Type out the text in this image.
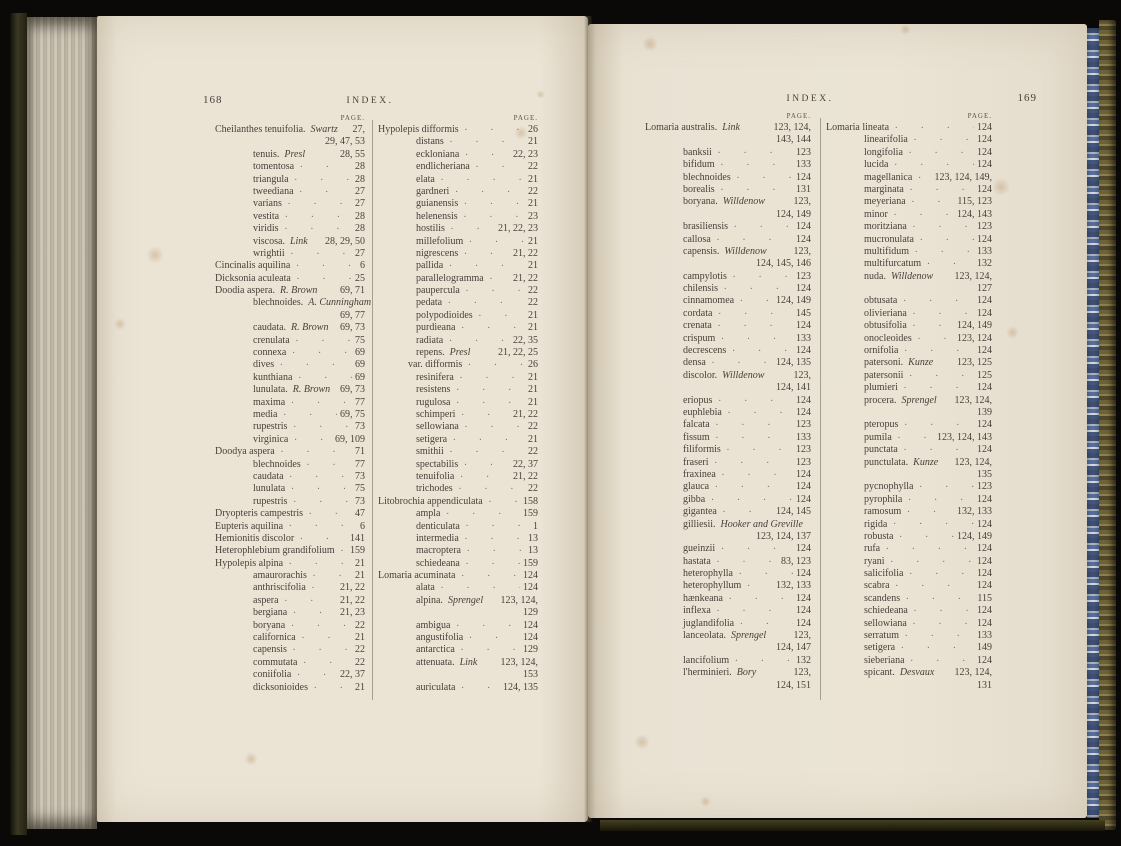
168	INDEX.
PAGE.
Cheilanthes tenuifolia. Swartz 27,
29, 47, 53
tenuis. Presl	28, 55
tomentosa .   .	28
triangula .   .	28
tweediana .   .	27
varians .   .	27
vestita .   .	28
viridis .   .	28
viscosa. Link 28, 29, 50
wrightii .   .	27
Cincinalis aquilina .   .	6
Dicksonia aculeata .   .	25
Doodia aspera. R. Brown 69, 71
blechnoides. A. Cunningham
69, 77
caudata. R. Brown 69, 73
crenulata .   .	75
connexa .   .	69
dives .   .	69
kunthiana .   .	69
lunulata. R. Brown 69, 73
maxima .   .	77
media .   .	69, 75
rupestris .   .	73
virginica .   .	69, 109
Doodya aspera .   .	71
blechnoides .   .	77
caudata .   .	73
lunulata .   .	75
rupestris .   .	73
Dryopteris campestris .   .	47
Eupteris aquilina .   .	6
Hemionitis discolor .   .	141
Heterophlebium grandifolium .   . 159
Hypolepis alpina .   .	21
amaurorachis .   .	21
anthriscifolia .   .	21, 22
aspera .   .	21, 22
bergiana .   .	21, 23
boryana .   .	22
californica .   .	21
capensis .   .	22
commutata .   .	22
coniifolia .   .	22, 37
dicksonioides .   .	21
PAGE.
Hypolepis difformis .   .	26
distans .   .	21
eckloniana .   .	22, 23
endlicheriana .   .	22
elata .   .	21
gardneri .   .	22
guianensis .   .	21
helenensis .   .	23
hostilis .   .	21, 22, 23
millefolium .   .	21
nigrescens .   .	21, 22
pallida .   .	21
parallelogramma .   .	21, 22
paupercula .   .	22
pedata .   .	22
polypodioides .   .	21
purdieana .   .	21
radiata .   .	22, 35
repens. Presl	21, 22, 25
var. difformis .   .	26
resinifera .   .	21
resistens .   .	21
rugulosa .   .	21
schimperi .   .	21, 22
sellowiana .   .	22
setigera .   .	21
smithii .   .	22
spectabilis .   .	22, 37
tenuifolia .   .	21, 22
trichodes .   .	22
Litobrochia appendiculata .   .	158
ampla .   .	159
denticulata .   .	1
intermedia .   .	13
macroptera .   .	13
schiedeana .   .	159
Lomaria acuminata .   .	124
alata .   .	124
alpina. Sprengel 123, 124,
129
ambigua .   .	124
angustifolia .   .	124
antarctica .   .	129
attenuata. Link 123, 124,
153
auriculata .   .	124, 135
INDEX.	169
PAGE.
Lomaria australis. Link	123, 124,
143, 144
banksii .   .	123
bifidum .   .	133
blechnoides .   .	124
borealis .   .	131
boryana. Willdenow	123,
124, 149
brasiliensis .   .	124
callosa .   .	124
capensis. Willdenow	123,
124, 145, 146
campylotis .   .	123
chilensis .   .	124
cinnamomea .   .	124, 149
cordata .   .	145
crenata .   .	124
crispum .   .	133
decrescens .   .	124
densa .   .	124, 135
discolor. Willdenow	123,
124, 141
eriopus .   .	124
euphlebia .   .	124
falcata .   .	123
fissum .   .	133
filiformis .   .	123
fraseri .   .	123
fraxinea .   .	124
glauca .   .	124
gibba .   .	124
gigantea .   .	124, 145
gilliesii. Hooker and Greville
123, 124, 137
gueinzii .   .	124
hastata .   .	83, 123
heterophylla .   .	124
heterophyllum .   .	132, 133
hænkeana .   .	124
inflexa .   .	124
juglandifolia .   .	124
lanceolata. Sprengel	123,
124, 147
lancifolium .   .	132
l'herminieri. Bory	123,
124, 151
PAGE.
Lomaria lineata .   .	124
linearifolia .   .	124
longifolia .   .	124
lucida .   .	124
magellanica .   . 123, 124, 149,
marginata .   .	124
meyeriana .   .	115, 123
minor .   .	124, 143
moritziana .   .	123
mucronulata .   .	124
multifidum .   .	133
multifurcatum .   .	132
nuda. Willdenow 123, 124,
127
obtusata .   .	124
olivieriana .   .	124
obtusifolia .   .	124, 149
onocleoides .   .	123, 124
ornifolia .   .	124
patersoni. Kunze 123, 125
patersonii .   .	125
plumieri .   .	124
procera. Sprengel 123, 124,
139
pteropus .   .	124
pumila .   .	123, 124, 143
punctata .   .	124
punctulata. Kunze 123, 124,
135
pycnophylla .   .	123
pyrophila .   .	124
ramosum .   .	132, 133
rigida .   .	124
robusta .   .	124, 149
rufa .   .	124
ryani .   .	124
salicifolia .   .	124
scabra .   .	124
scandens .   .	115
schiedeana .   .	124
sellowiana .   .	124
serratum .   .	133
setigera .   .	149
sieberiana .   .	124
spicant. Desvaux 123, 124,
131
